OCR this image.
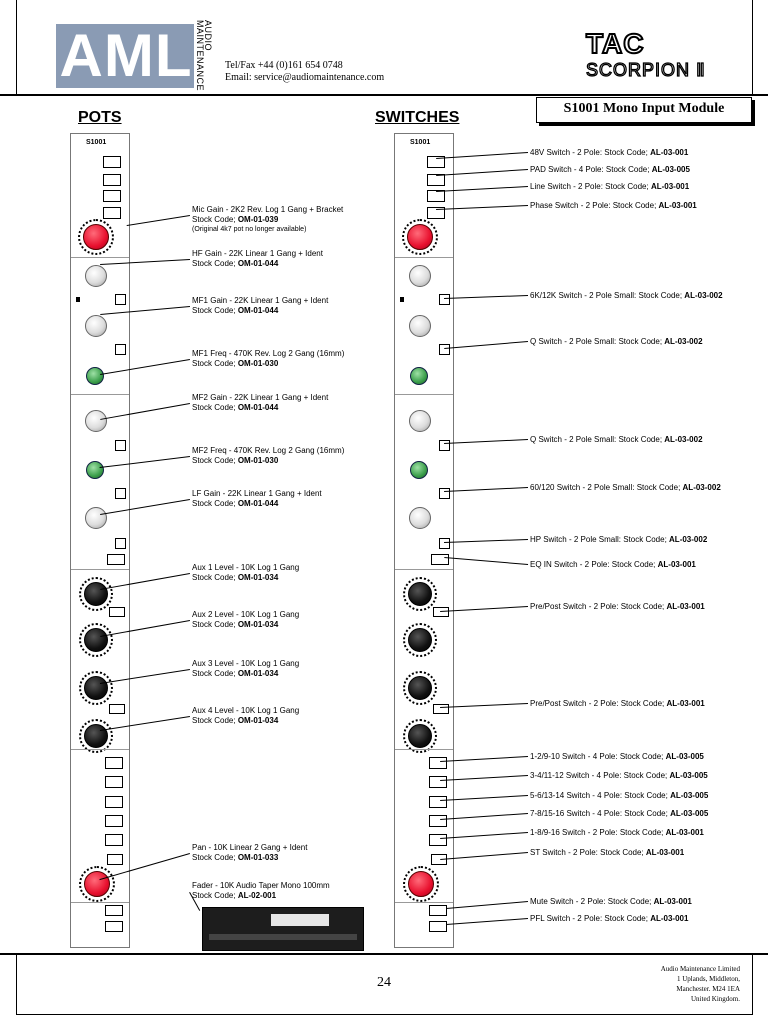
AML	AUDIO MAINTENANCE	Tel/Fax +44 (0)161 654 0748
Email: service@audiomaintenance.com
TAC
SCORPION Ⅱ
S1001 Mono Input Module
POTS	SWITCHES
S1001	S1001
Mic Gain - 2K2 Rev. Log 1 Gang + Bracket
Stock Code; OM-01-039
(Original 4k7 pot no longer available)
HF Gain - 22K Linear 1 Gang + Ident
Stock Code; OM-01-044
MF1 Gain - 22K Linear 1 Gang + Ident
Stock Code; OM-01-044
MF1 Freq - 470K Rev. Log 2 Gang (16mm)
Stock Code; OM-01-030
MF2 Gain - 22K Linear 1 Gang + Ident
Stock Code; OM-01-044
MF2 Freq - 470K Rev. Log 2 Gang (16mm)
Stock Code; OM-01-030
LF Gain - 22K Linear 1 Gang + Ident
Stock Code; OM-01-044
Aux 1 Level - 10K Log 1 Gang
Stock Code; OM-01-034
Aux 2 Level - 10K Log 1 Gang
Stock Code; OM-01-034
Aux 3 Level - 10K Log 1 Gang
Stock Code; OM-01-034
Aux 4 Level - 10K Log 1 Gang
Stock Code; OM-01-034
Pan - 10K Linear 2 Gang + Ident
Stock Code; OM-01-033
Fader - 10K Audio Taper Mono 100mm
Stock Code; AL-02-001
48V Switch - 2 Pole: Stock Code; AL-03-001
PAD Switch - 4 Pole: Stock Code; AL-03-005
Line Switch - 2 Pole: Stock Code; AL-03-001
Phase Switch - 2 Pole: Stock Code; AL-03-001
6K/12K Switch - 2 Pole Small: Stock Code; AL-03-002
Q Switch - 2 Pole Small: Stock Code; AL-03-002
Q Switch - 2 Pole Small: Stock Code; AL-03-002
60/120 Switch - 2 Pole Small: Stock Code; AL-03-002
HP Switch - 2 Pole Small: Stock Code; AL-03-002
EQ IN Switch - 2 Pole: Stock Code; AL-03-001
Pre/Post Switch - 2 Pole: Stock Code; AL-03-001
Pre/Post Switch - 2 Pole: Stock Code; AL-03-001
1-2/9-10 Switch - 4 Pole: Stock Code; AL-03-005
3-4/11-12 Switch - 4 Pole: Stock Code; AL-03-005
5-6/13-14 Switch - 4 Pole: Stock Code; AL-03-005
7-8/15-16 Switch - 4 Pole: Stock Code; AL-03-005
1-8/9-16 Switch - 2 Pole: Stock Code; AL-03-001
ST Switch - 2 Pole: Stock Code; AL-03-001
Mute Switch - 2 Pole: Stock Code; AL-03-001
PFL Switch - 2 Pole: Stock Code; AL-03-001
24
Audio Maintenance Limited
1 Uplands, Middleton,
Manchester. M24 1EA
United Kingdom.
